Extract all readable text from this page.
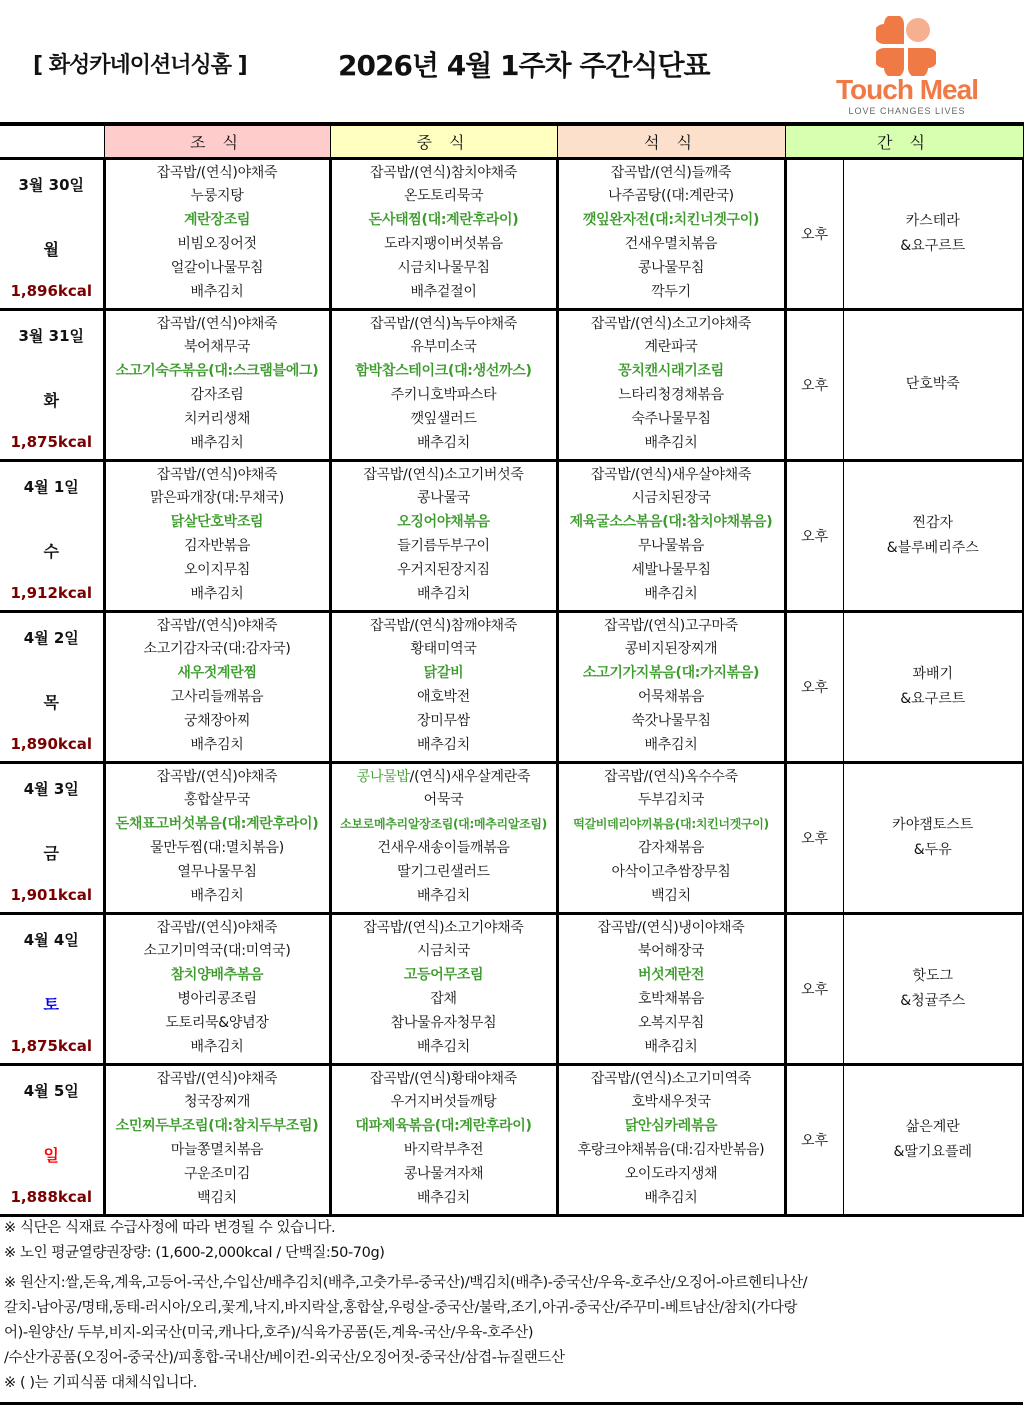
[ 화성카네이션너싱홈 ]	2026년 4월 1주차 주간식단표
Touch Meal
LOVE CHANGES LIVES
	조 식	중 식	석 식	간 식	

3월 30일
월
1,896kcal

잡곡밥/(연식)야채죽
누룽지탕
계란장조림
비빔오징어젓
얼갈이나물무침
배추김치

잡곡밥/(연식)참치야채죽
온도토리묵국
돈사태찜(대:계란후라이)
도라지팽이버섯볶음
시금치나물무침
배추겉절이

잡곡밥/(연식)들깨죽
나주곰탕((대:계란국)
깻잎완자전(대:치킨너겟구이)
건새우멸치볶음
콩나물무침
깍두기
	오후	
카스테라
&요구르트

3월 31일
화
1,875kcal

잡곡밥/(연식)야채죽
북어채무국
소고기숙주볶음(대:스크램블에그)
감자조림
치커리생채
배추김치

잡곡밥/(연식)녹두야채죽
유부미소국
함박찹스테이크(대:생선까스)
주키니호박파스타
깻잎샐러드
배추김치

잡곡밥/(연식)소고기야채죽
계란파국
꽁치캔시래기조림
느타리청경채볶음
숙주나물무침
배추김치
	오후	단호박죽

4월 1일
수
1,912kcal

잡곡밥/(연식)야채죽
맑은파개장(대:무채국)
닭살단호박조림
김자반볶음
오이지무침
배추김치

잡곡밥/(연식)소고기버섯죽
콩나물국
오징어야채볶음
들기름두부구이
우거지된장지짐
배추김치

잡곡밥/(연식)새우살야채죽
시금치된장국
제육굴소스볶음(대:참치야채볶음)
무나물볶음
세발나물무침
배추김치
	오후	
찐감자
&블루베리주스

4월 2일
목
1,890kcal

잡곡밥/(연식)야채죽
소고기감자국(대:감자국)
새우젓계란찜
고사리들깨볶음
궁채장아찌
배추김치

잡곡밥/(연식)참깨야채죽
황태미역국
닭갈비
애호박전
장미무쌈
배추김치

잡곡밥/(연식)고구마죽
콩비지된장찌개
소고기가지볶음(대:가지볶음)
어묵채볶음
쑥갓나물무침
배추김치
	오후	
꽈배기
&요구르트

4월 3일
금
1,901kcal

잡곡밥/(연식)야채죽
홍합살무국
돈채표고버섯볶음(대:계란후라이)
물만두찜(대:멸치볶음)
열무나물무침
배추김치

콩나물밥/(연식)새우살계란죽
어묵국
소보로메추리알장조림(대:메추리알조림)
건새우새송이들깨볶음
딸기그린샐러드
배추김치

잡곡밥/(연식)옥수수죽
두부김치국
떡갈비데리야끼볶음(대:치킨너겟구이)
감자채볶음
아삭이고추쌈장무침
백김치
	오후	
카야잼토스트
&두유

4월 4일
토
1,875kcal

잡곡밥/(연식)야채죽
소고기미역국(대:미역국)
참치양배추볶음
병아리콩조림
도토리묵&양념장
배추김치

잡곡밥/(연식)소고기야채죽
시금치국
고등어무조림
잡채
참나물유자청무침
배추김치

잡곡밥/(연식)냉이야채죽
북어해장국
버섯계란전
호박채볶음
오복지무침
배추김치
	오후	
핫도그
&청귤주스

4월 5일
일
1,888kcal

잡곡밥/(연식)야채죽
청국장찌개
소민찌두부조림(대:참치두부조림)
마늘쫑멸치볶음
구운조미김
백김치

잡곡밥/(연식)황태야채죽
우거지버섯들깨탕
대파제육볶음(대:계란후라이)
바지락부추전
콩나물겨자채
배추김치

잡곡밥/(연식)소고기미역죽
호박새우젓국
닭안심카레볶음
후랑크야채볶음(대:김자반볶음)
오이도라지생채
배추김치
	오후	
삶은계란
&딸기요플레

※ 식단은 식재료 수급사정에 따라 변경될 수 있습니다.

※ 노인 평균열량권장량: (1,600-2,000kcal / 단백질:50-70g)

※ 원산지:쌀,돈육,계육,고등어-국산,수입산/배추김치(배추,고춧가루-중국산)/백김치(배추)-중국산/우육-호주산/오징어-아르헨티나산/

갈치-남아공/명태,동태-러시아/오리,꽃게,낙지,바지락살,홍합살,우렁살-중국산/불락,조기,아귀-중국산/주꾸미-베트남산/참치(가다랑

어)-원양산/ 두부,비지-외국산(미국,캐나다,호주)/식육가공품(돈,계육-국산/우육-호주산)

/수산가공품(오징어-중국산)/피홍합-국내산/베이컨-외국산/오징어젓-중국산/삼겹-뉴질랜드산

※ ( )는 기피식품 대체식입니다.
